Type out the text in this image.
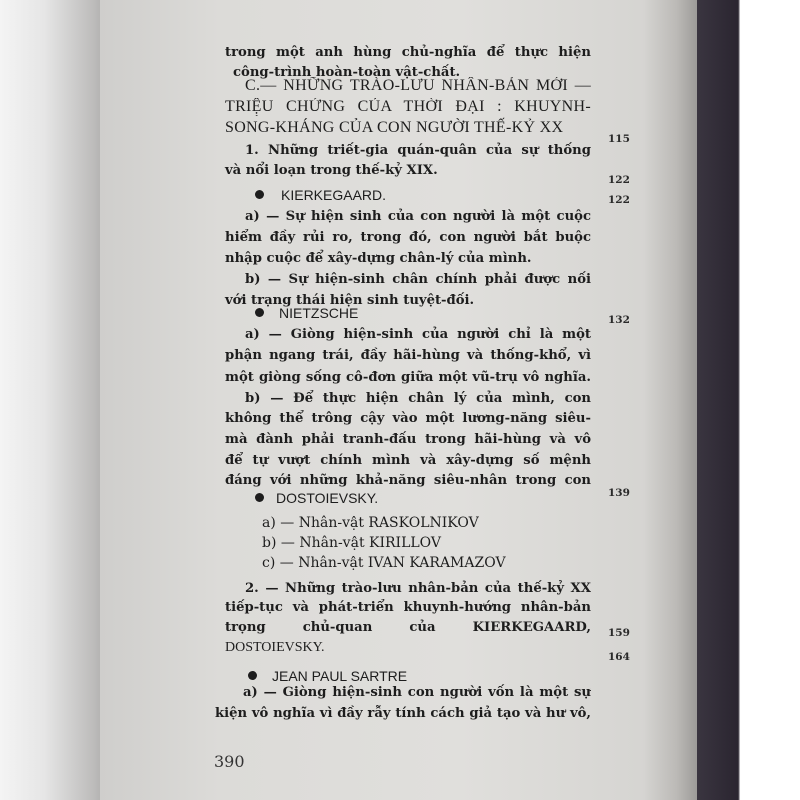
trong một anh hùng chủ-nghĩa để thực hiện
công-trình hoàn-toàn vật-chất.
C.— NHỮNG TRÀO-LƯU NHÂN-BẢN MỚI —
TRIỆU CHỨNG CỦA THỜI ĐẠI : KHUYNH-
SONG-KHÁNG CỦA CON NGƯỜI THẾ-KỶ XX
1. Những triết-gia quán-quân của sự thống
và nổi loạn trong thế-kỷ XIX.
KIERKEGAARD.
a) — Sự hiện sinh của con người là một cuộc
hiểm đầy rủi ro, trong đó, con người bắt buộc
nhập cuộc để xây-dựng chân-lý của mình.
b) — Sự hiện-sinh chân chính phải được nối
với trạng thái hiện sinh tuyệt-đối.
NIETZSCHE
a) — Giòng hiện-sinh của người chỉ là một
phận ngang trái, đầy hãi-hùng và thống-khổ, vì
một giòng sống cô-đơn giữa một vũ-trụ vô nghĩa.
b) — Để thực hiện chân lý của mình, con
không thể trông cậy vào một lương-năng siêu-
mà đành phải tranh-đấu trong hãi-hùng và vô
để tự vượt chính mình và xây-dựng số mệnh
đáng với những khả-năng siêu-nhân trong con
DOSTOIEVSKY.
a) — Nhân-vật RASKOLNIKOV
b) — Nhân-vật KIRILLOV
c) — Nhân-vật IVAN KARAMAZOV
2. — Những trào-lưu nhân-bản của thế-kỷ XX
tiếp-tục và phát-triển khuynh-hướng nhân-bản
trọng chủ-quan của KIERKEGAARD,
DOSTOIEVSKY.
JEAN PAUL SARTRE
a) — Giòng hiện-sinh con người vốn là một sự
kiện vô nghĩa vì đầy rẫy tính cách giả tạo và hư vô,
115
122
122
132
139
159
164
390
